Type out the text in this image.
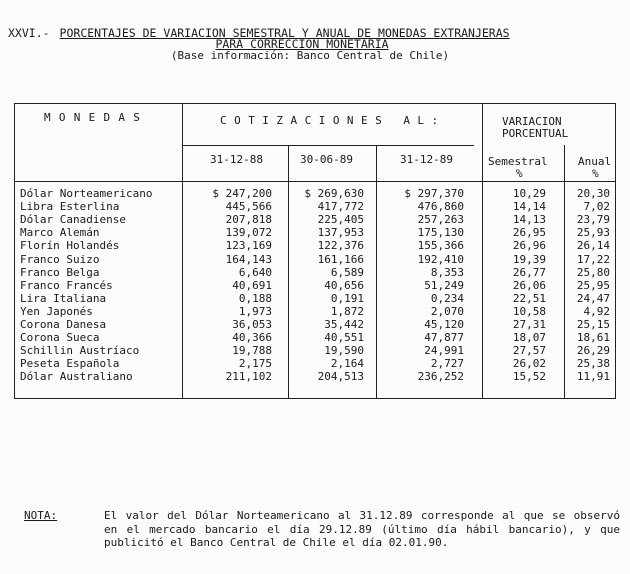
XXVI.- PORCENTAJES DE VARIACION SEMESTRAL Y ANUAL DE MONEDAS EXTRANJERAS
PARA CORRECCION MONETARIA
(Base información: Banco Central de Chile)
MONEDAS	COTIZACIONES AL:	VARIACION
PORCENTUAL
31-12-88	30-06-89	31-12-89	Semestral	Anual
%	%
Dólar Norteamericano	$ 247,200	$ 269,630	$ 297,370	10,29	20,30
Libra Esterlina	445,566	417,772	476,860	14,14	7,02
Dólar Canadiense	207,818	225,405	257,263	14,13	23,79
Marco Alemán	139,072	137,953	175,130	26,95	25,93
Florín Holandés	123,169	122,376	155,366	26,96	26,14
Franco Suizo	164,143	161,166	192,410	19,39	17,22
Franco Belga	6,640	6,589	8,353	26,77	25,80
Franco Francés	40,691	40,656	51,249	26,06	25,95
Lira Italiana	0,188	0,191	0,234	22,51	24,47
Yen Japonés	1,973	1,872	2,070	10,58	4,92
Corona Danesa	36,053	35,442	45,120	27,31	25,15
Corona Sueca	40,366	40,551	47,877	18,07	18,61
Schillin Austríaco	19,788	19,590	24,991	27,57	26,29
Peseta Española	2,175	2,164	2,727	26,02	25,38
Dólar Australiano	211,102	204,513	236,252	15,52	11,91
NOTA:	El valor del Dólar Norteamericano al 31.12.89 corresponde al que se observó en el mercado bancario el día 29.12.89 (último día hábil bancario), y que publicitó el Banco Central de Chile el día 02.01.90.
